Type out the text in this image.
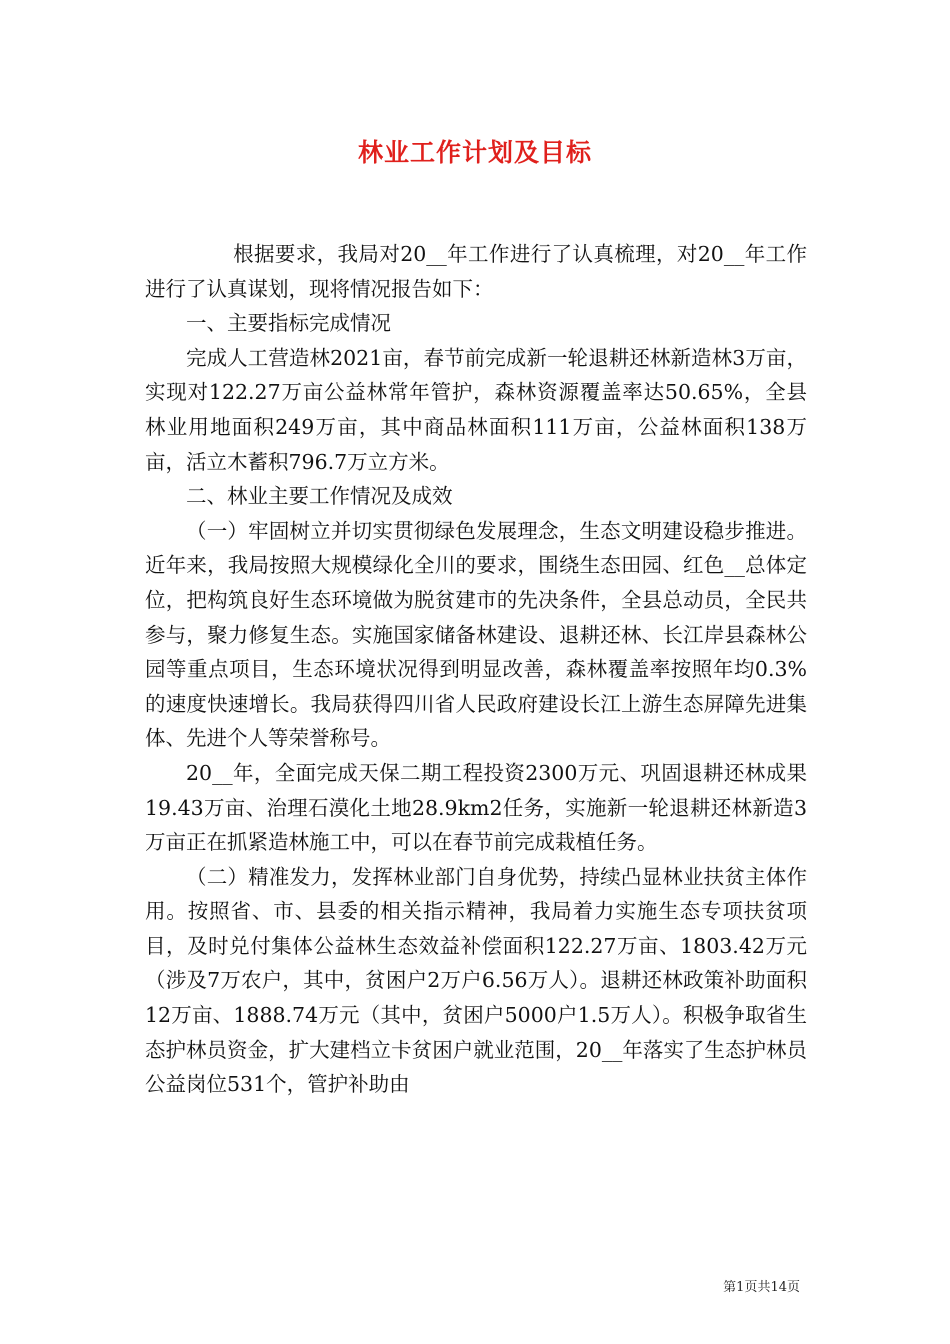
林业工作计划及目标

根据要求，我局对20__年工作进行了认真梳理，对20__年工作进行了认真谋划，现将情况报告如下：

一、主要指标完成情况

完成人工营造林2021亩，春节前完成新一轮退耕还林新造林3万亩，实现对122.27万亩公益林常年管护，森林资源覆盖率达50.65%，全县林业用地面积249万亩，其中商品林面积111万亩，公益林面积138万亩，活立木蓄积796.7万立方米。

二、林业主要工作情况及成效

（一）牢固树立并切实贯彻绿色发展理念，生态文明建设稳步推进。近年来，我局按照大规模绿化全川的要求，围绕生态田园、红色__总体定位，把构筑良好生态环境做为脱贫建市的先决条件，全县总动员，全民共参与，聚力修复生态。实施国家储备林建设、退耕还林、长江岸县森林公园等重点项目，生态环境状况得到明显改善，森林覆盖率按照年均0.3%的速度快速增长。我局获得四川省人民政府建设长江上游生态屏障先进集体、先进个人等荣誉称号。

20__年，全面完成天保二期工程投资2300万元、巩固退耕还林成果19.43万亩、治理石漠化土地28.9km2任务，实施新一轮退耕还林新造3万亩正在抓紧造林施工中，可以在春节前完成栽植任务。

（二）精准发力，发挥林业部门自身优势，持续凸显林业扶贫主体作用。按照省、市、县委的相关指示精神，我局着力实施生态专项扶贫项目，及时兑付集体公益林生态效益补偿面积122.27万亩、1803.42万元（涉及7万农户，其中，贫困户2万户6.56万人）。退耕还林政策补助面积12万亩、1888.74万元（其中，贫困户5000户1.5万人）。积极争取省生态护林员资金，扩大建档立卡贫困户就业范围，20__年落实了生态护林员公益岗位531个，管护补助由

第1页共14页
